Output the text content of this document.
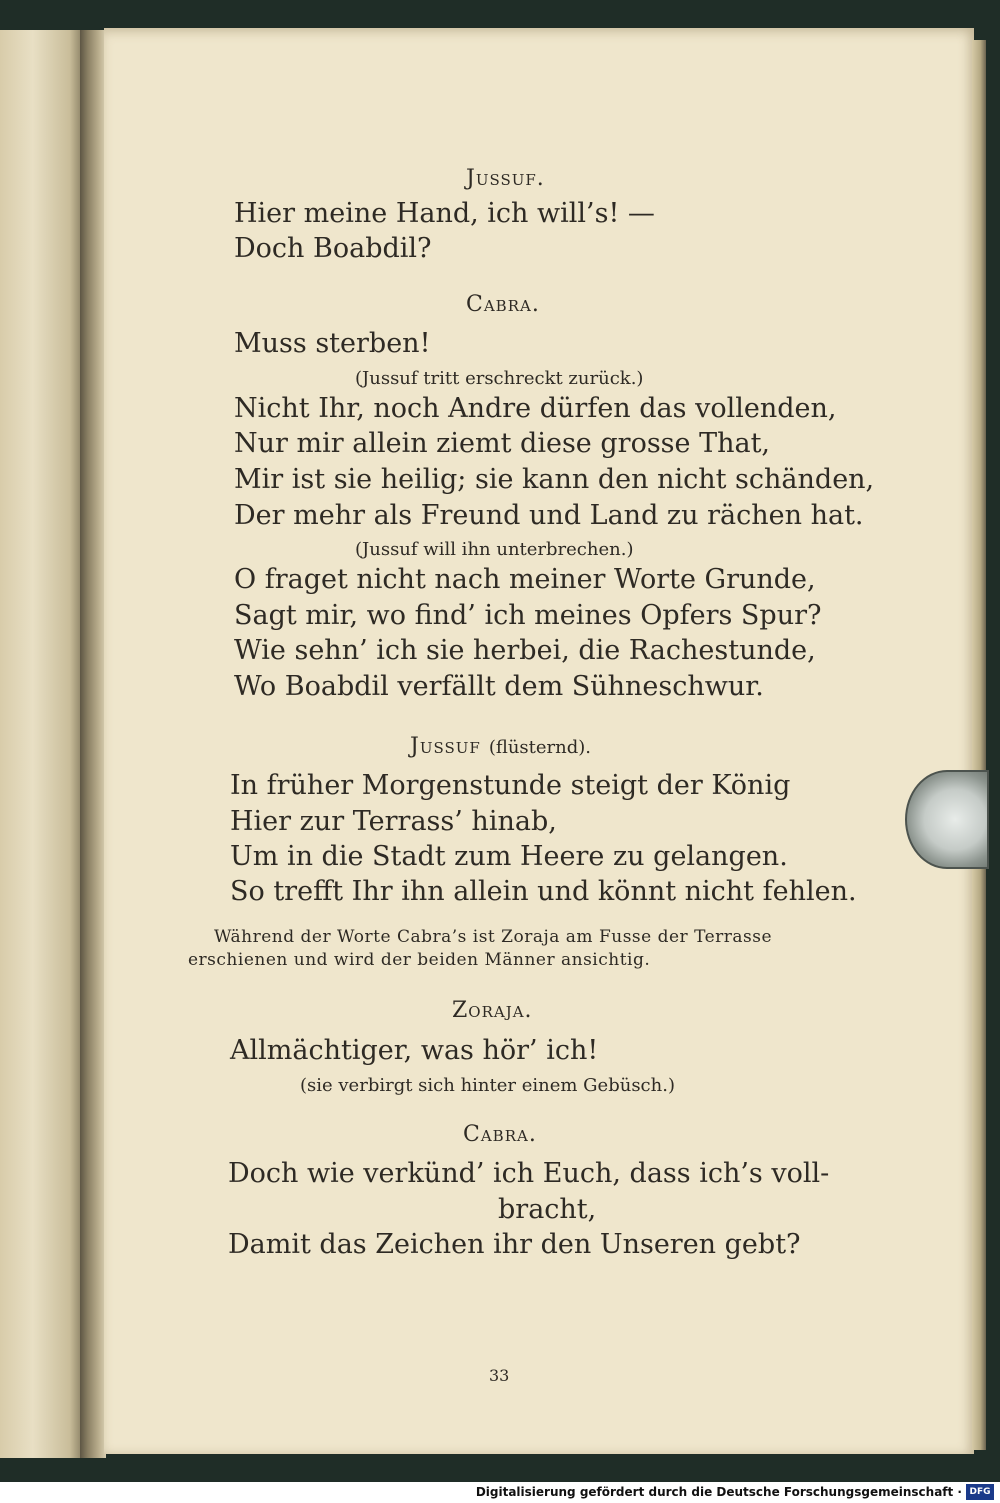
Jussuf.
Hier meine Hand, ich will’s! —
Doch Boabdil?
Cabra.
Muss sterben!
(Jussuf tritt erschreckt zurück.)
Nicht Ihr, noch Andre dürfen das vollenden,
Nur mir allein ziemt diese grosse That,
Mir ist sie heilig; sie kann den nicht schänden,
Der mehr als Freund und Land zu rächen hat.
(Jussuf will ihn unterbrechen.)
O fraget nicht nach meiner Worte Grunde,
Sagt mir, wo find’ ich meines Opfers Spur?
Wie sehn’ ich sie herbei, die Rachestunde,
Wo Boabdil verfällt dem Sühneschwur.
Jussuf (flüsternd).
In früher Morgenstunde steigt der König
Hier zur Terrass’ hinab,
Um in die Stadt zum Heere zu gelangen.
So trefft Ihr ihn allein und könnt nicht fehlen.
Während der Worte Cabra’s ist Zoraja am Fusse der Terrasse
erschienen und wird der beiden Männer ansichtig.
Zoraja.
Allmächtiger, was hör’ ich!
(sie verbirgt sich hinter einem Gebüsch.)
Cabra.
Doch wie verkünd’ ich Euch, dass ich’s voll-
bracht,
Damit das Zeichen ihr den Unseren gebt?
33
Digitalisierung gefördert durch die Deutsche Forschungsgemeinschaft · DFG
